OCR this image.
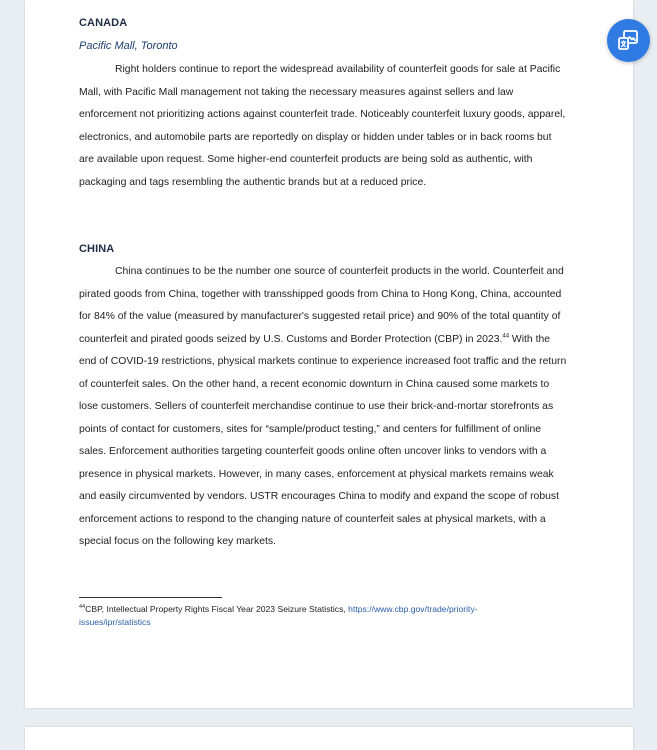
CANADA
Pacific Mall, Toronto

Right holders continue to report the widespread availability of counterfeit goods for sale at Pacific Mall, with Pacific Mall management not taking the necessary measures against sellers and law enforcement not prioritizing actions against counterfeit trade. Noticeably counterfeit luxury goods, apparel, electronics, and automobile parts are reportedly on display or hidden under tables or in back rooms but are available upon request. Some higher-end counterfeit products are being sold as authentic, with packaging and tags resembling the authentic brands but at a reduced price.

CHINA

China continues to be the number one source of counterfeit products in the world. Counterfeit and pirated goods from China, together with transshipped goods from China to Hong Kong, China, accounted for 84% of the value (measured by manufacturer's suggested retail price) and 90% of the total quantity of counterfeit and pirated goods seized by U.S. Customs and Border Protection (CBP) in 2023.44 With the end of COVID-19 restrictions, physical markets continue to experience increased foot traffic and the return of counterfeit sales. On the other hand, a recent economic downturn in China caused some markets to lose customers. Sellers of counterfeit merchandise continue to use their brick-and-mortar storefronts as points of contact for customers, sites for “sample/product testing,” and centers for fulfillment of online sales. Enforcement authorities targeting counterfeit goods online often uncover links to vendors with a presence in physical markets. However, in many cases, enforcement at physical markets remains weak and easily circumvented by vendors. USTR encourages China to modify and expand the scope of robust enforcement actions to respond to the changing nature of counterfeit sales at physical markets, with a special focus on the following key markets.

$^{44}$CBP, Intellectual Property Rights Fiscal Year 2023 Seizure Statistics, https://www.cbp.gov/trade/priority-issues/ipr/statistics
